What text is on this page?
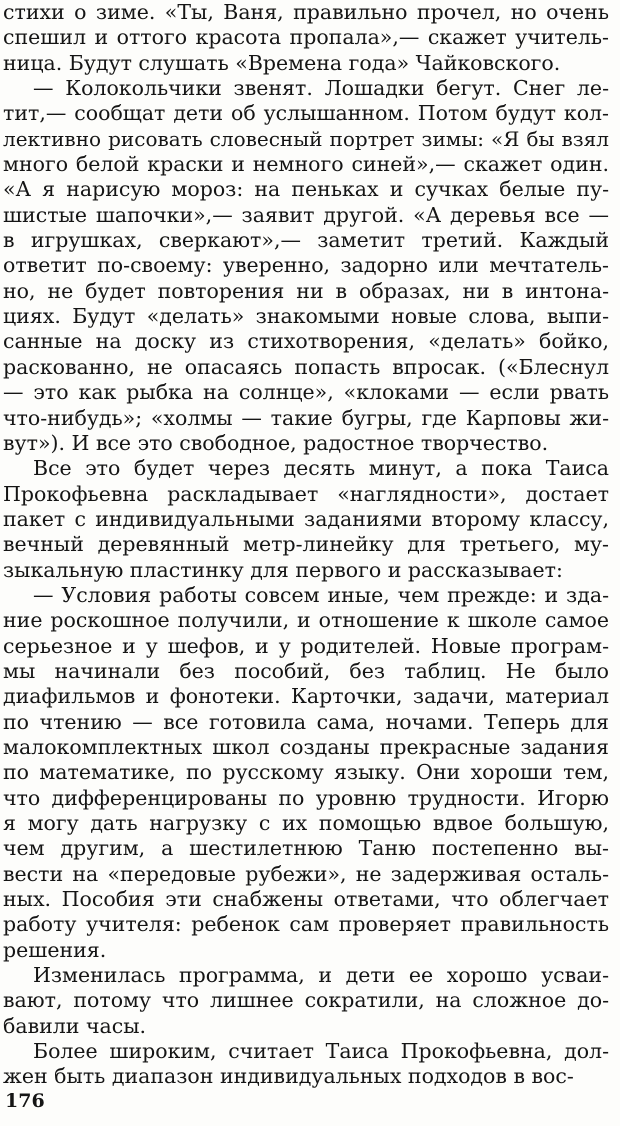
стихи о зиме. «Ты, Ваня, правильно прочел, но очень
спешил и оттого красота пропала»,— скажет учитель-
ница. Будут слушать «Времена года» Чайковского.
— Колокольчики звенят. Лошадки бегут. Снег ле-
тит,— сообщат дети об услышанном. Потом будут кол-
лективно рисовать словесный портрет зимы: «Я бы взял
много белой краски и немного синей»,— скажет один.
«А я нарисую мороз: на пеньках и сучках белые пу-
шистые шапочки»,— заявит другой. «А деревья все —
в игрушках, сверкают»,— заметит третий. Каждый
ответит по-своему: уверенно, задорно или мечтатель-
но, не будет повторения ни в образах, ни в интона-
циях. Будут «делать» знакомыми новые слова, выпи-
санные на доску из стихотворения, «делать» бойко,
раскованно, не опасаясь попасть впросак. («Блеснул
— это как рыбка на солнце», «клоками — если рвать
что-нибудь»; «холмы — такие бугры, где Карповы жи-
вут»). И все это свободное, радостное творчество.
Все это будет через десять минут, а пока Таиса
Прокофьевна раскладывает «наглядности», достает
пакет с индивидуальными заданиями второму классу,
вечный деревянный метр-линейку для третьего, му-
зыкальную пластинку для первого и рассказывает:
— Условия работы совсем иные, чем прежде: и зда-
ние роскошное получили, и отношение к школе самое
серьезное и у шефов, и у родителей. Новые програм-
мы начинали без пособий, без таблиц. Не было
диафильмов и фонотеки. Карточки, задачи, материал
по чтению — все готовила сама, ночами. Теперь для
малокомплектных школ созданы прекрасные задания
по математике, по русскому языку. Они хороши тем,
что дифференцированы по уровню трудности. Игорю
я могу дать нагрузку с их помощью вдвое большую,
чем другим, а шестилетнюю Таню постепенно вы-
вести на «передовые рубежи», не задерживая осталь-
ных. Пособия эти снабжены ответами, что облегчает
работу учителя: ребенок сам проверяет правильность
решения.
Изменилась программа, и дети ее хорошо усваи-
вают, потому что лишнее сократили, на сложное до-
бавили часы.
Более широким, считает Таиса Прокофьевна, дол-
жен быть диапазон индивидуальных подходов в вос-
176
